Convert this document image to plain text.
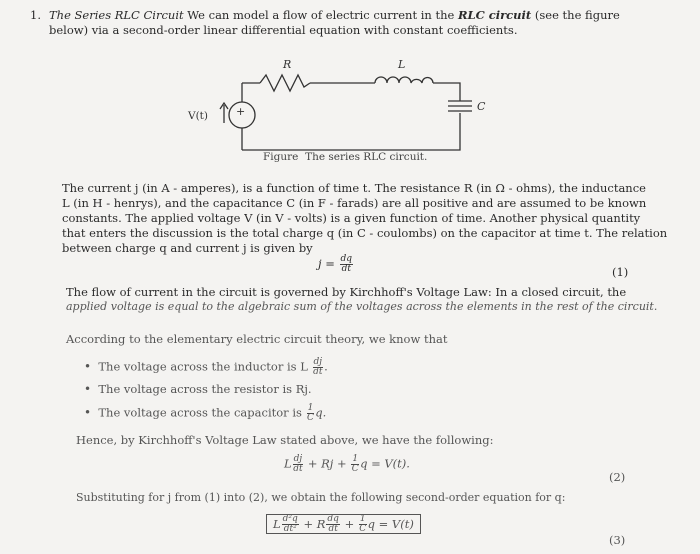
1. The Series RLC Circuit We can model a flow of electric current in the RLC circuit (see the figure
below) via a second-order linear differential equation with constant coefficients.
+
R	L
C
V(t)
Figure The series RLC circuit.
The current j (in A - amperes), is a function of time t. The resistance R (in Ω - ohms), the inductance
L (in H - henrys), and the capacitance C (in F - farads) are all positive and are assumed to be known
constants. The applied voltage V (in V - volts) is a given function of time. Another physical quantity
that enters the discussion is the total charge q (in C - coulombs) on the capacitor at time t. The relation
between charge q and current j is given by
$j = \frac{dq}{dt}$	(1)
The flow of current in the circuit is governed by Kirchhoff's Voltage Law: In a closed circuit, the
applied voltage is equal to the algebraic sum of the voltages across the elements in the rest of the circuit.
According to the elementary electric circuit theory, we know that
• The voltage across the inductor is L $\frac{dj}{dt}$ .
• The voltage across the resistor is Rj.
• The voltage across the capacitor is $\frac{1}{C} q$.
Hence, by Kirchhoff's Voltage Law stated above, we have the following:
L $\frac{dj}{dt} + Rj + \frac{1}{C}$ q = V(t).
(2)
Substituting for j from (1) into (2), we obtain the following second-order equation for q:
L $\frac{\text{d²q}}{\text{dt²}} + R \frac{dq}{dt} + \frac{1}{C}$ q = V(t)
(3)
